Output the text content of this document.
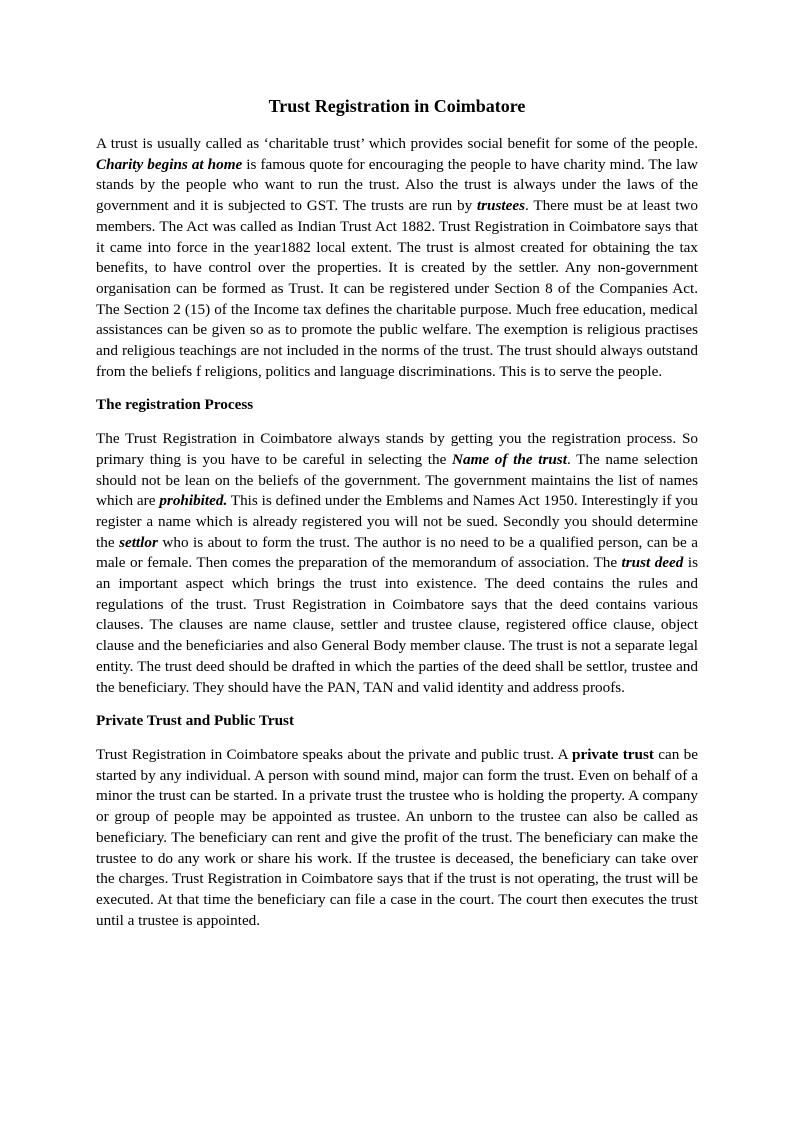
Trust Registration in Coimbatore

A trust is usually called as ‘charitable trust’ which provides social benefit for some of the people. Charity begins at home is famous quote for encouraging the people to have charity mind. The law stands by the people who want to run the trust. Also the trust is always under the laws of the government and it is subjected to GST. The trusts are run by trustees. There must be at least two members. The Act was called as Indian Trust Act 1882. Trust Registration in Coimbatore says that it came into force in the year1882 local extent. The trust is almost created for obtaining the tax benefits, to have control over the properties. It is created by the settler. Any non-government organisation can be formed as Trust. It can be registered under Section 8 of the Companies Act. The Section 2 (15) of the Income tax defines the charitable purpose. Much free education, medical assistances can be given so as to promote the public welfare. The exemption is religious practises and religious teachings are not included in the norms of the trust. The trust should always outstand from the beliefs f religions, politics and language discriminations. This is to serve the people.

The registration Process

The Trust Registration in Coimbatore always stands by getting you the registration process. So primary thing is you have to be careful in selecting the Name of the trust. The name selection should not be lean on the beliefs of the government. The government maintains the list of names which are prohibited. This is defined under the Emblems and Names Act 1950. Interestingly if you register a name which is already registered you will not be sued. Secondly you should determine the settlor who is about to form the trust. The author is no need to be a qualified person, can be a male or female. Then comes the preparation of the memorandum of association. The trust deed is an important aspect which brings the trust into existence. The deed contains the rules and regulations of the trust. Trust Registration in Coimbatore says that the deed contains various clauses. The clauses are name clause, settler and trustee clause, registered office clause, object clause and the beneficiaries and also General Body member clause. The trust is not a separate legal entity. The trust deed should be drafted in which the parties of the deed shall be settlor, trustee and the beneficiary. They should have the PAN, TAN and valid identity and address proofs.

Private Trust and Public Trust

Trust Registration in Coimbatore speaks about the private and public trust. A private trust can be started by any individual. A person with sound mind, major can form the trust. Even on behalf of a minor the trust can be started. In a private trust the trustee who is holding the property. A company or group of people may be appointed as trustee. An unborn to the trustee can also be called as beneficiary. The beneficiary can rent and give the profit of the trust. The beneficiary can make the trustee to do any work or share his work. If the trustee is deceased, the beneficiary can take over the charges. Trust Registration in Coimbatore says that if the trust is not operating, the trust will be executed. At that time the beneficiary can file a case in the court. The court then executes the trust until a trustee is appointed.
